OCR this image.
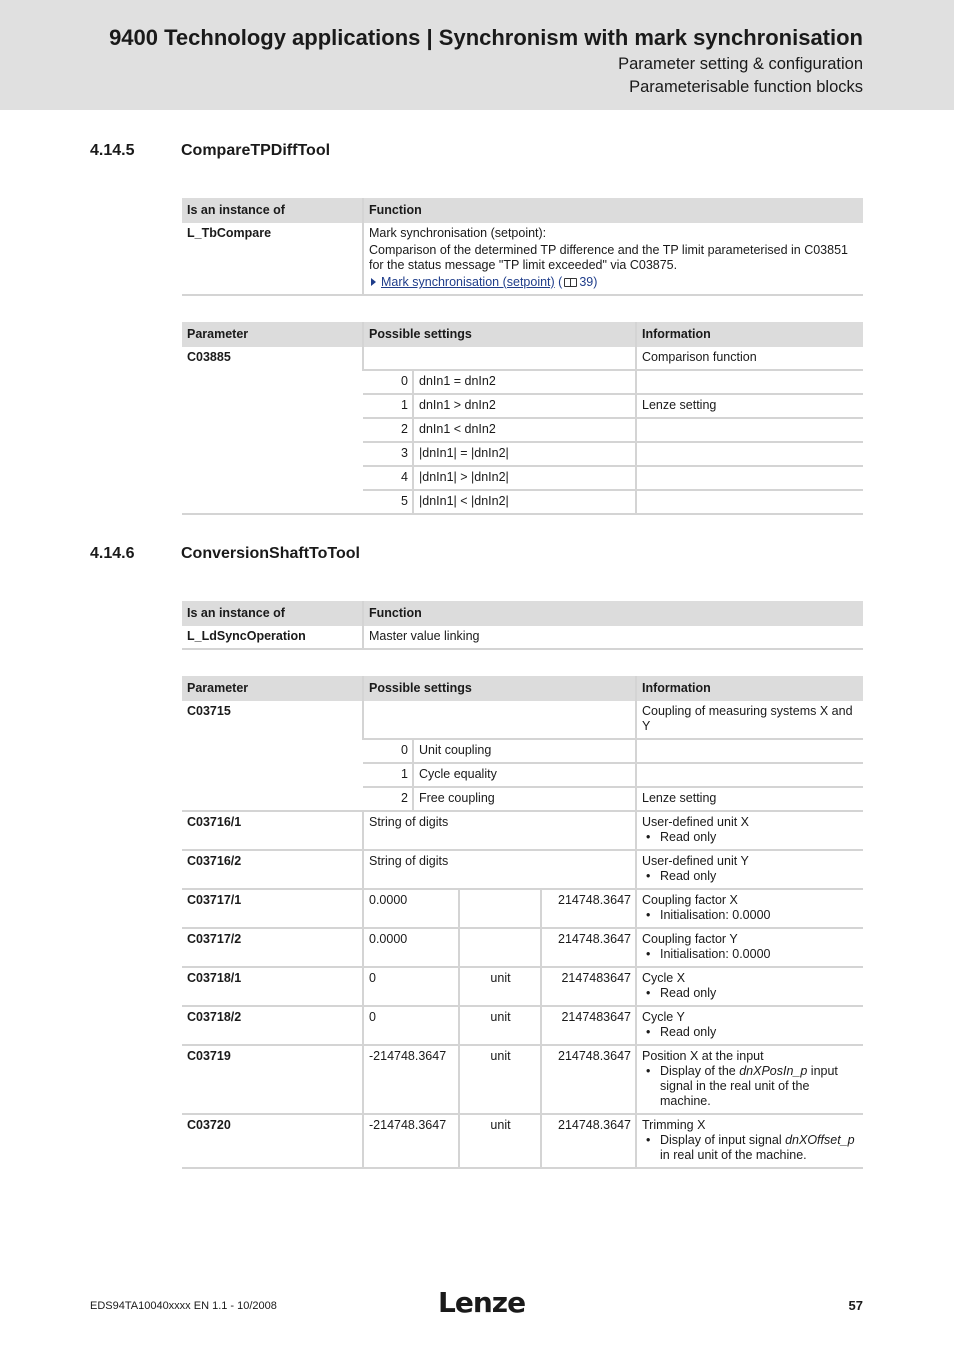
9400 Technology applications | Synchronism with mark synchronisation
Parameter setting & configuration
Parameterisable function blocks
4.14.5	CompareTPDiffTool
Is an instance of	Function
L_TbCompare	Mark synchronisation (setpoint):
Comparison of the determined TP difference and the TP limit parameterised in C03851 for the status message "TP limit exceeded" via C03875.
Mark synchronisation (setpoint) ( 39)
Parameter	Possible settings		Information
C03885			Comparison function
	0	dnIn1 = dnIn2	
	1	dnIn1 > dnIn2	Lenze setting
	2	dnIn1 < dnIn2	
	3	|dnIn1| = |dnIn2|	
	4	|dnIn1| > |dnIn2|	
	5	|dnIn1| < |dnIn2|	
4.14.6	ConversionShaftToTool
Is an instance of	Function
L_LdSyncOperation	Master value linking
Parameter	Possible settings				Information
C03715					Coupling of measuring systems X and Y
	0	Unit coupling			
	1	Cycle equality			
	2	Free coupling			Lenze setting
C03716/1	String of digits				User-defined unit X
• Read only

C03716/2	String of digits				User-defined unit Y
• Read only

C03717/1	0.0000			214748.3647	Coupling factor X
• Initialisation: 0.0000

C03717/2	0.0000			214748.3647	Coupling factor Y
• Initialisation: 0.0000

C03718/1	0		unit	2147483647	Cycle X
• Read only

C03718/2	0		unit	2147483647	Cycle Y
• Read only

C03719	-214748.3647		unit	214748.3647	Position X at the input
• Display of the dnXPosIn_p input signal in the real unit of the machine.

C03720	-214748.3647		unit	214748.3647	Trimming X
• Display of input signal dnXOffset_p in real unit of the machine.
EDS94TA10040xxxx EN 1.1 - 10/2008	Lenze	57
